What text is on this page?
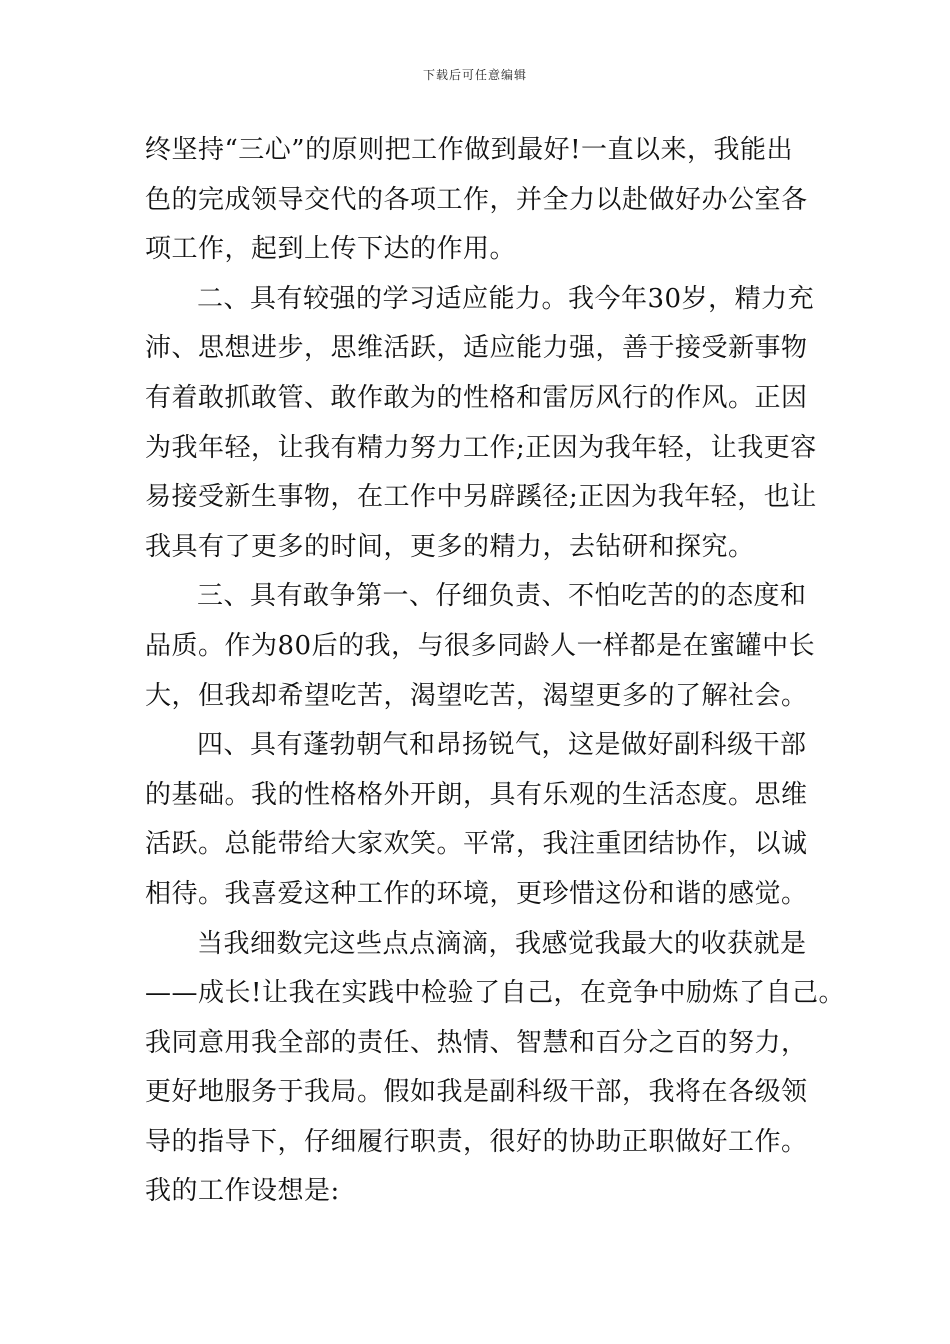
下载后可任意编辑
终坚持“三心”的原则把工作做到最好!一直以来，我能出
色的完成领导交代的各项工作，并全力以赴做好办公室各
项工作，起到上传下达的作用。
二、具有较强的学习适应能力。我今年30岁，精力充
沛、思想进步，思维活跃，适应能力强，善于接受新事物
有着敢抓敢管、敢作敢为的性格和雷厉风行的作风。正因
为我年轻，让我有精力努力工作;正因为我年轻，让我更容
易接受新生事物，在工作中另辟蹊径;正因为我年轻，也让
我具有了更多的时间，更多的精力，去钻研和探究。
三、具有敢争第一、仔细负责、不怕吃苦的的态度和
品质。作为80后的我，与很多同龄人一样都是在蜜罐中长
大，但我却希望吃苦，渴望吃苦，渴望更多的了解社会。
四、具有蓬勃朝气和昂扬锐气，这是做好副科级干部
的基础。我的性格格外开朗，具有乐观的生活态度。思维
活跃。总能带给大家欢笑。平常，我注重团结协作，以诚
相待。我喜爱这种工作的环境，更珍惜这份和谐的感觉。
当我细数完这些点点滴滴，我感觉我最大的收获就是
——成长!让我在实践中检验了自己，在竞争中励炼了自己。
我同意用我全部的责任、热情、智慧和百分之百的努力，
更好地服务于我局。假如我是副科级干部，我将在各级领
导的指导下，仔细履行职责，很好的协助正职做好工作。
我的工作设想是:
